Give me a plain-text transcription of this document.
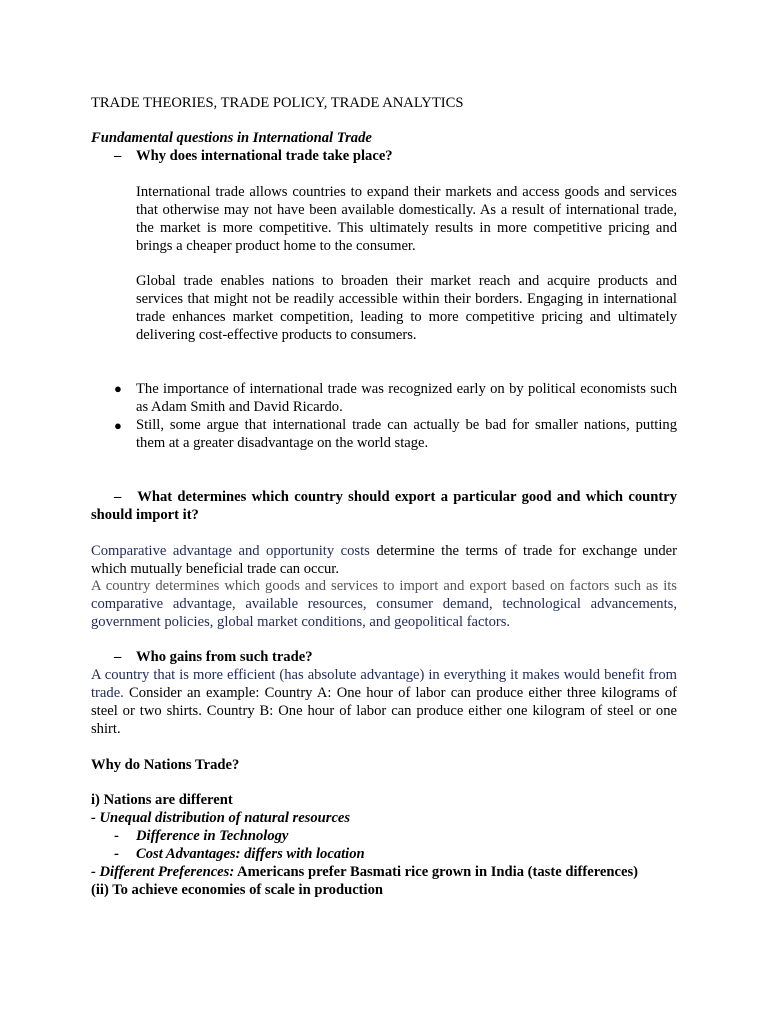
TRADE THEORIES, TRADE POLICY, TRADE ANALYTICS
Fundamental questions in International Trade
– Why does international trade take place?
International trade allows countries to expand their markets and access goods and services that otherwise may not have been available domestically. As a result of international trade, the market is more competitive. This ultimately results in more competitive pricing and brings a cheaper product home to the consumer.
Global trade enables nations to broaden their market reach and acquire products and services that might not be readily accessible within their borders. Engaging in international trade enhances market competition, leading to more competitive pricing and ultimately delivering cost-effective products to consumers.
● The importance of international trade was recognized early on by political economists such as Adam Smith and David Ricardo.
● Still, some argue that international trade can actually be bad for smaller nations, putting them at a greater disadvantage on the world stage.
–   What determines which country should export a particular good and which country should import it?
Comparative advantage and opportunity costs determine the terms of trade for exchange under which mutually beneficial trade can occur.
A country determines which goods and services to import and export based on factors such as its comparative advantage, available resources, consumer demand, technological advancements, government policies, global market conditions, and geopolitical factors.
– Who gains from such trade?
A country that is more efficient (has absolute advantage) in everything it makes would benefit from trade. Consider an example: Country A: One hour of labor can produce either three kilograms of steel or two shirts. Country B: One hour of labor can produce either one kilogram of steel or one shirt.
Why do Nations Trade?
i) Nations are different
- Unequal distribution of natural resources
- Difference in Technology
- Cost Advantages: differs with location
- Different Preferences: Americans prefer Basmati rice grown in India (taste differences)
(ii) To achieve economies of scale in production
